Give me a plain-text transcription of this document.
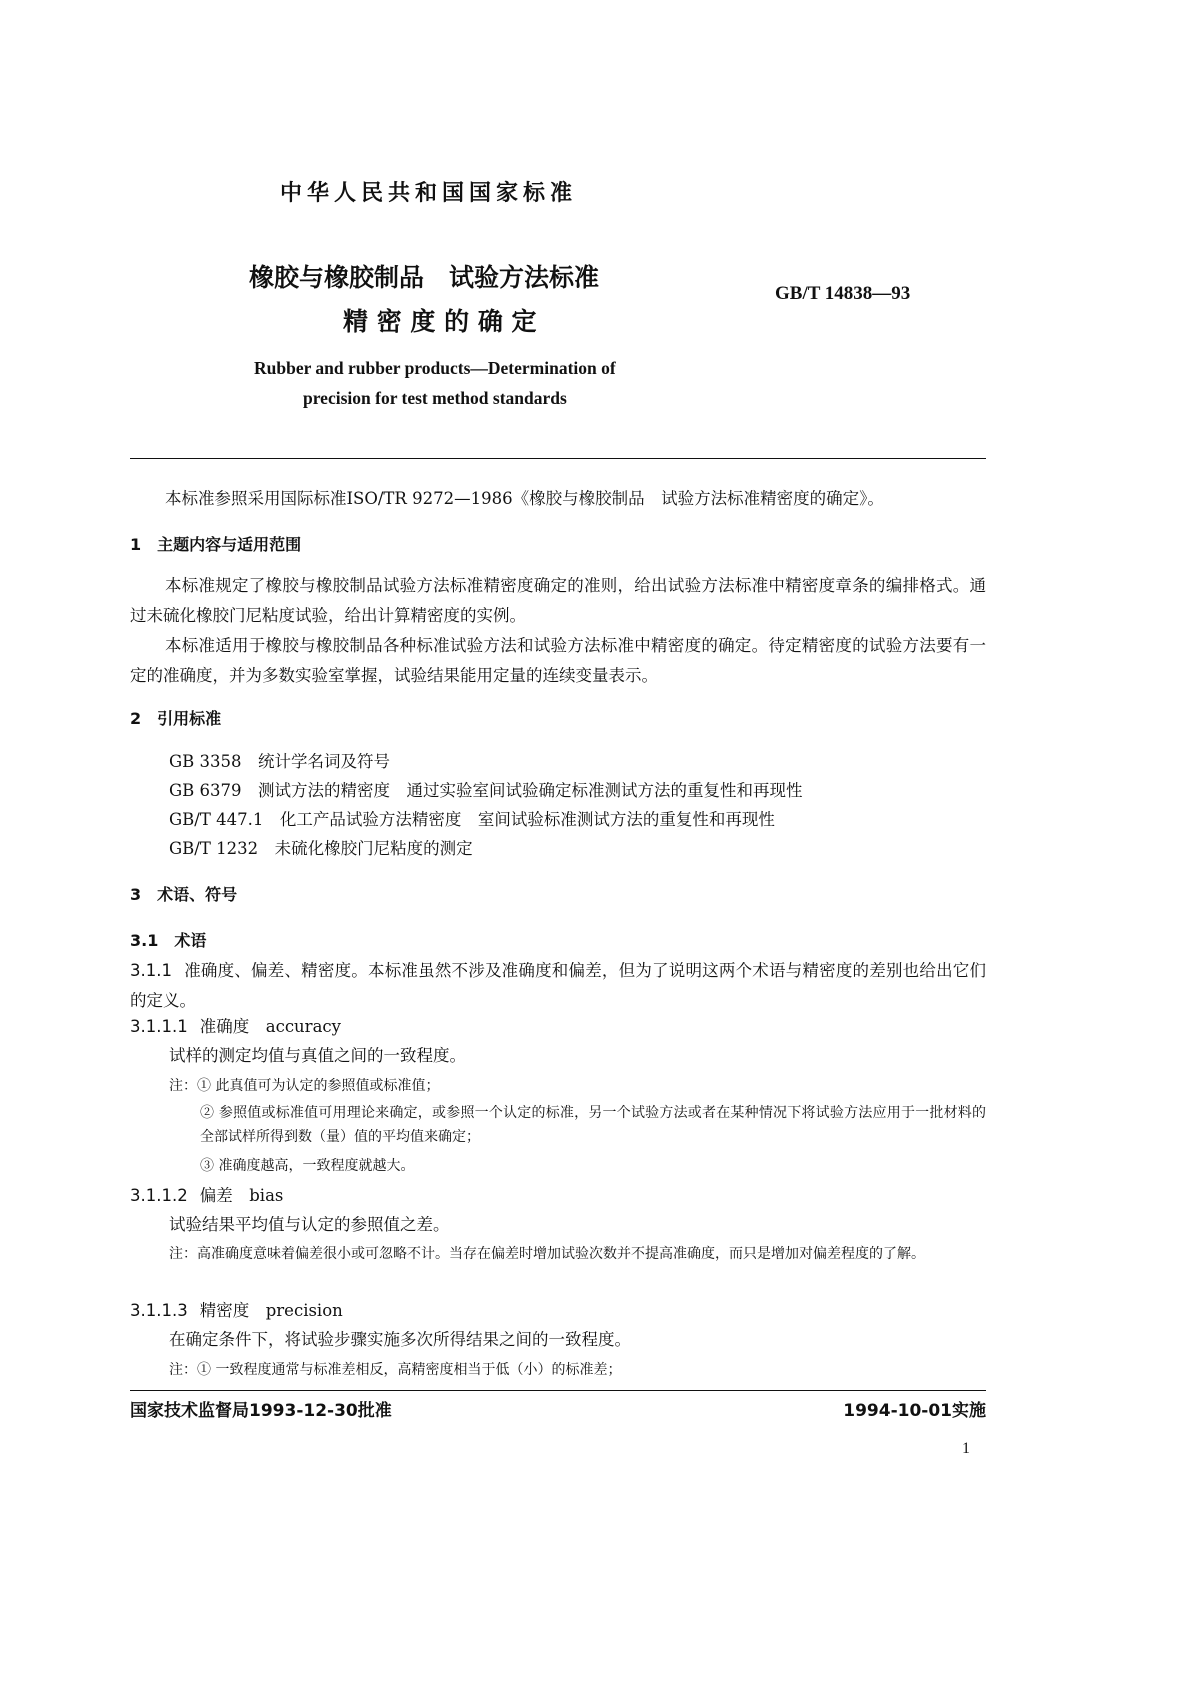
中华人民共和国国家标准
橡胶与橡胶制品　试验方法标准
精 密 度 的 确 定
GB/T 14838—93
Rubber and rubber products—Determination of
precision for test method standards
本标准参照采用国际标准ISO/TR 9272—1986《橡胶与橡胶制品　试验方法标准精密度的确定》。
1　主题内容与适用范围
本标准规定了橡胶与橡胶制品试验方法标准精密度确定的准则，给出试验方法标准中精密度章条的编排格式。通过未硫化橡胶门尼粘度试验，给出计算精密度的实例。
本标准适用于橡胶与橡胶制品各种标准试验方法和试验方法标准中精密度的确定。待定精密度的试验方法要有一定的准确度，并为多数实验室掌握，试验结果能用定量的连续变量表示。
2　引用标准
GB 3358　统计学名词及符号
GB 6379　测试方法的精密度　通过实验室间试验确定标准测试方法的重复性和再现性
GB/T 447.1　化工产品试验方法精密度　室间试验标准测试方法的重复性和再现性
GB/T 1232　未硫化橡胶门尼粘度的测定
3　术语、符号
3.1　术语
3.1.1 准确度、偏差、精密度。本标准虽然不涉及准确度和偏差，但为了说明这两个术语与精密度的差别也给出它们的定义。
3.1.1.1 准确度　accuracy
试样的测定均值与真值之间的一致程度。
注：① 此真值可为认定的参照值或标准值；
② 参照值或标准值可用理论来确定，或参照一个认定的标准，另一个试验方法或者在某种情况下将试验方法应用于一批材料的全部试样所得到数（量）值的平均值来确定；
③ 准确度越高，一致程度就越大。
3.1.1.2 偏差　bias
试验结果平均值与认定的参照值之差。
注：高准确度意味着偏差很小或可忽略不计。当存在偏差时增加试验次数并不提高准确度，而只是增加对偏差程度的了解。
3.1.1.3 精密度　precision
在确定条件下，将试验步骤实施多次所得结果之间的一致程度。
注：① 一致程度通常与标准差相反，高精密度相当于低（小）的标准差；
国家技术监督局1993-12-30批准	1994-10-01实施
1
